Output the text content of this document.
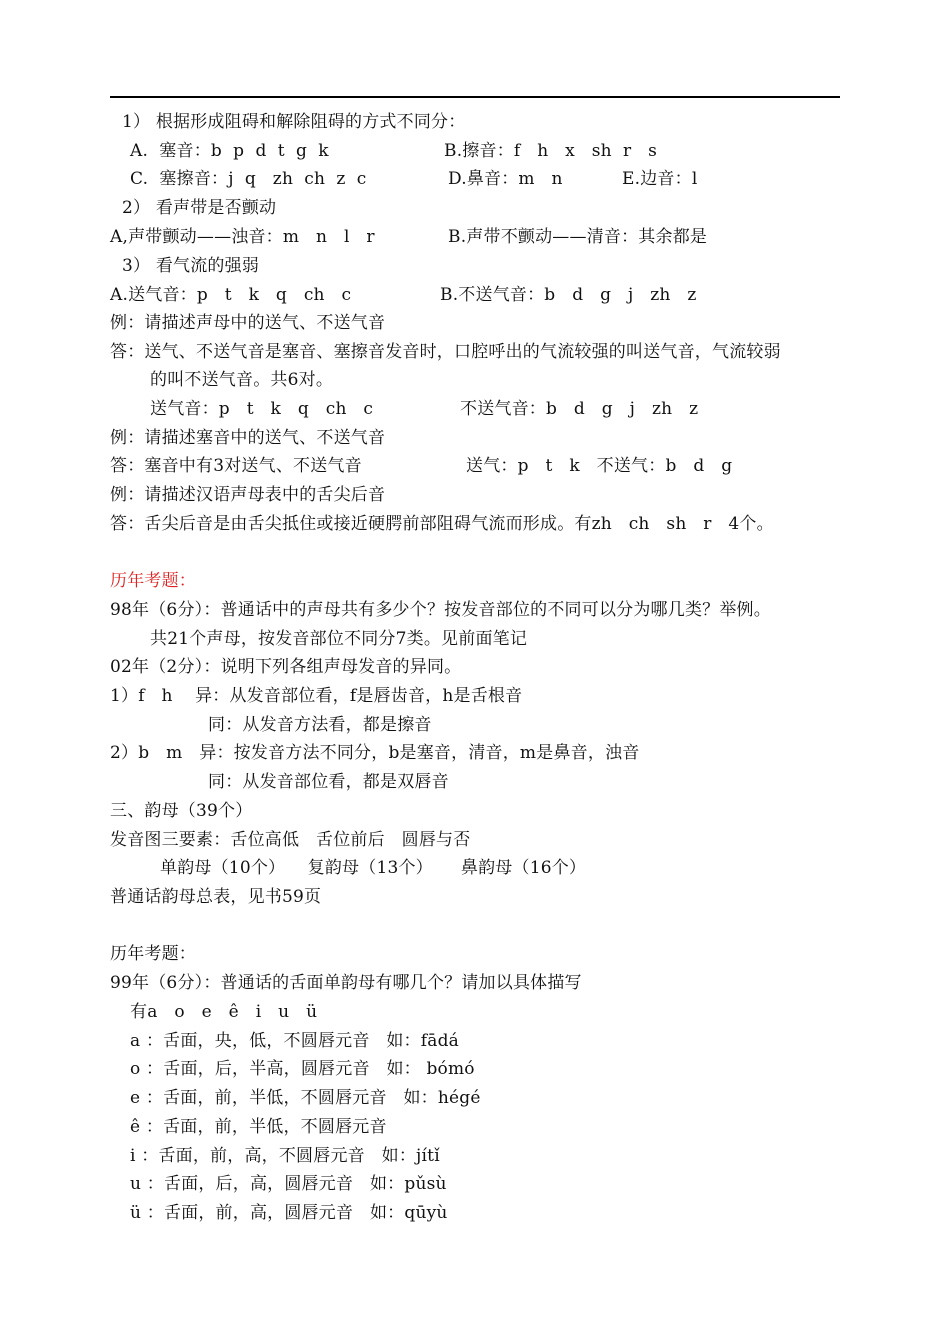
1） 根据形成阻碍和解除阻碍的方式不同分：
A.  塞音：b  p  d  t  g  k	B.擦音：f   h   x   sh  r   s
C.  塞擦音：j  q   zh  ch  z  c	D.鼻音：m   n	E.边音：l
2） 看声带是否颤动
A,声带颤动——浊音：m   n   l   r	B.声带不颤动——清音：其余都是
3） 看气流的强弱
A.送气音：p   t   k   q   ch   c	B.不送气音：b   d   g   j   zh   z
例：请描述声母中的送气、不送气音
答：送气、不送气音是塞音、塞擦音发音时，口腔呼出的气流较强的叫送气音，气流较弱
的叫不送气音。共6对。
送气音：p   t   k   q   ch   c	不送气音：b   d   g   j   zh   z
例：请描述塞音中的送气、不送气音
答：塞音中有3对送气、不送气音	送气：p   t   k   不送气：b   d   g
例：请描述汉语声母表中的舌尖后音
答：舌尖后音是由舌尖抵住或接近硬腭前部阻碍气流而形成。有zh   ch   sh   r   4个。
历年考题：
98年（6分）：普通话中的声母共有多少个？按发音部位的不同可以分为哪几类？举例。
共21个声母，按发音部位不同分7类。见前面笔记
02年（2分）：说明下列各组声母发音的异同。
1）f   h    异：从发音部位看，f是唇齿音，h是舌根音
同：从发音方法看，都是擦音
2）b   m   异：按发音方法不同分，b是塞音，清音，m是鼻音，浊音
同：从发音部位看，都是双唇音
三、韵母（39个）
发音图三要素：舌位高低   舌位前后   圆唇与否
单韵母（10个）    复韵母（13个）     鼻韵母（16个）
普通话韵母总表，见书59页
历年考题：
99年（6分）：普通话的舌面单韵母有哪几个？请加以具体描写
有a   o   e   ê   i   u   ü
a ：舌面，央，低，不圆唇元音   如：fādá
o ：舌面，后，半高，圆唇元音   如： bómó
e ：舌面，前，半低，不圆唇元音   如：hégé
ê ：舌面，前，半低，不圆唇元音
i ：舌面，前，高，不圆唇元音   如：jítǐ
u ：舌面，后，高，圆唇元音   如：pǔsù
ü ：舌面，前，高，圆唇元音   如：qūyù
